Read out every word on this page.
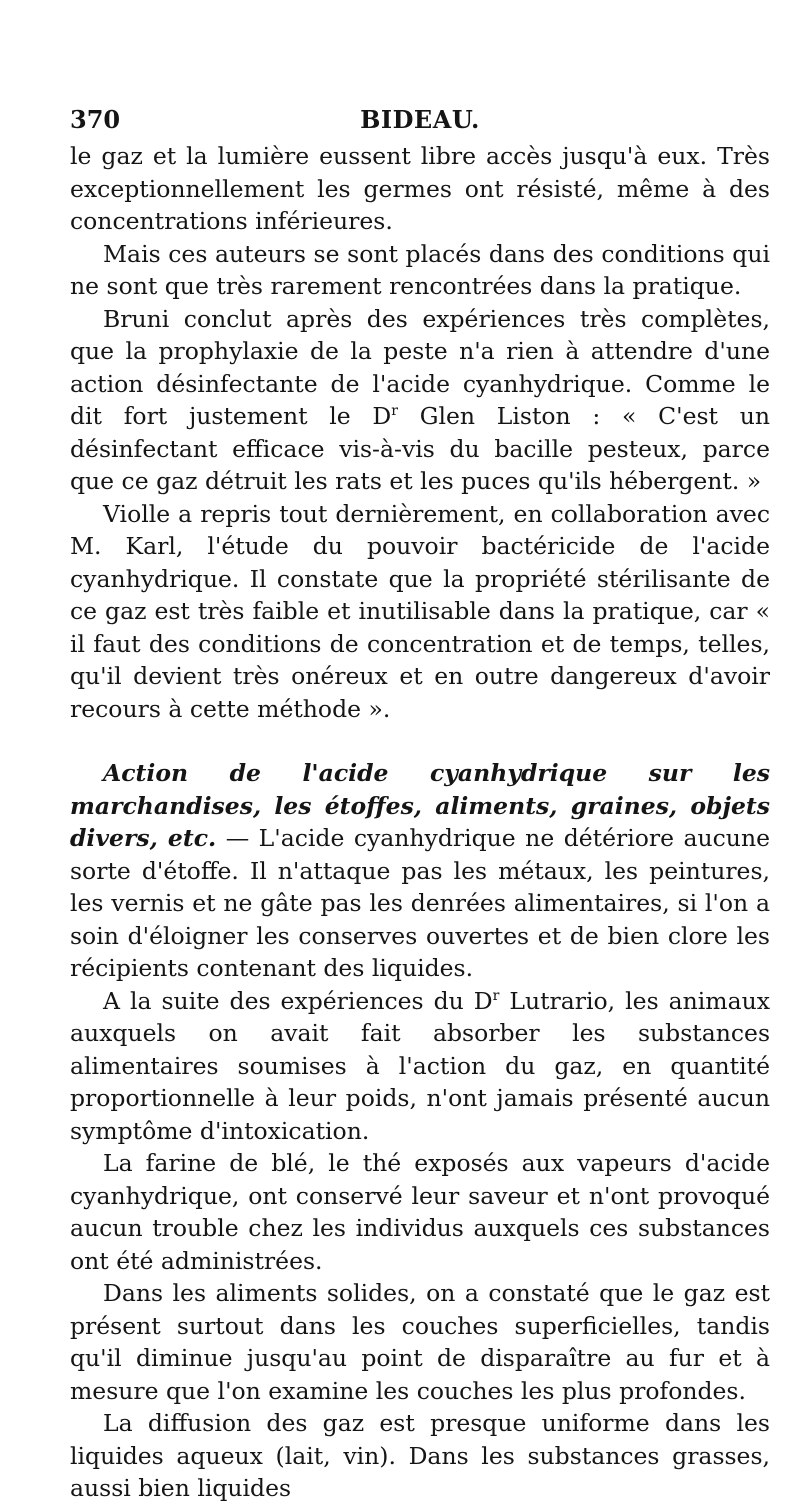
370	BIDEAU.

le gaz et la lumière eussent libre accès jusqu'à eux. Très exceptionnellement les germes ont résisté, même à des concentrations inférieures.

Mais ces auteurs se sont placés dans des conditions qui ne sont que très rarement rencontrées dans la pratique.

Bruni conclut après des expériences très complètes, que la prophylaxie de la peste n'a rien à attendre d'une action désinfectante de l'acide cyanhydrique. Comme le dit fort justement le $D^r$ Glen Liston : « C'est un désinfectant efficace vis-à-vis du bacille pesteux, parce que ce gaz détruit les rats et les puces qu'ils hébergent. »

Violle a repris tout dernièrement, en collaboration avec M. Karl, l'étude du pouvoir bactéricide de l'acide cyanhydrique. Il constate que la propriété stérilisante de ce gaz est très faible et inutilisable dans la pratique, car « il faut des conditions de concentration et de temps, telles, qu'il devient très onéreux et en outre dangereux d'avoir recours à cette méthode ».

Action de l'acide cyanhydrique sur les marchandises, les étoffes, aliments, graines, objets divers, etc. — L'acide cyanhydrique ne détériore aucune sorte d'étoffe. Il n'attaque pas les métaux, les peintures, les vernis et ne gâte pas les denrées alimentaires, si l'on a soin d'éloigner les conserves ouvertes et de bien clore les récipients contenant des liquides.

A la suite des expériences du $D^r$ Lutrario, les animaux auxquels on avait fait absorber les substances alimentaires soumises à l'action du gaz, en quantité proportionnelle à leur poids, n'ont jamais présenté aucun symptôme d'intoxication.

La farine de blé, le thé exposés aux vapeurs d'acide cyanhydrique, ont conservé leur saveur et n'ont provoqué aucun trouble chez les individus auxquels ces substances ont été administrées.

Dans les aliments solides, on a constaté que le gaz est présent surtout dans les couches superficielles, tandis qu'il diminue jusqu'au point de disparaître au fur et à mesure que l'on examine les couches les plus profondes.

La diffusion des gaz est presque uniforme dans les liquides aqueux (lait, vin). Dans les substances grasses, aussi bien liquides
